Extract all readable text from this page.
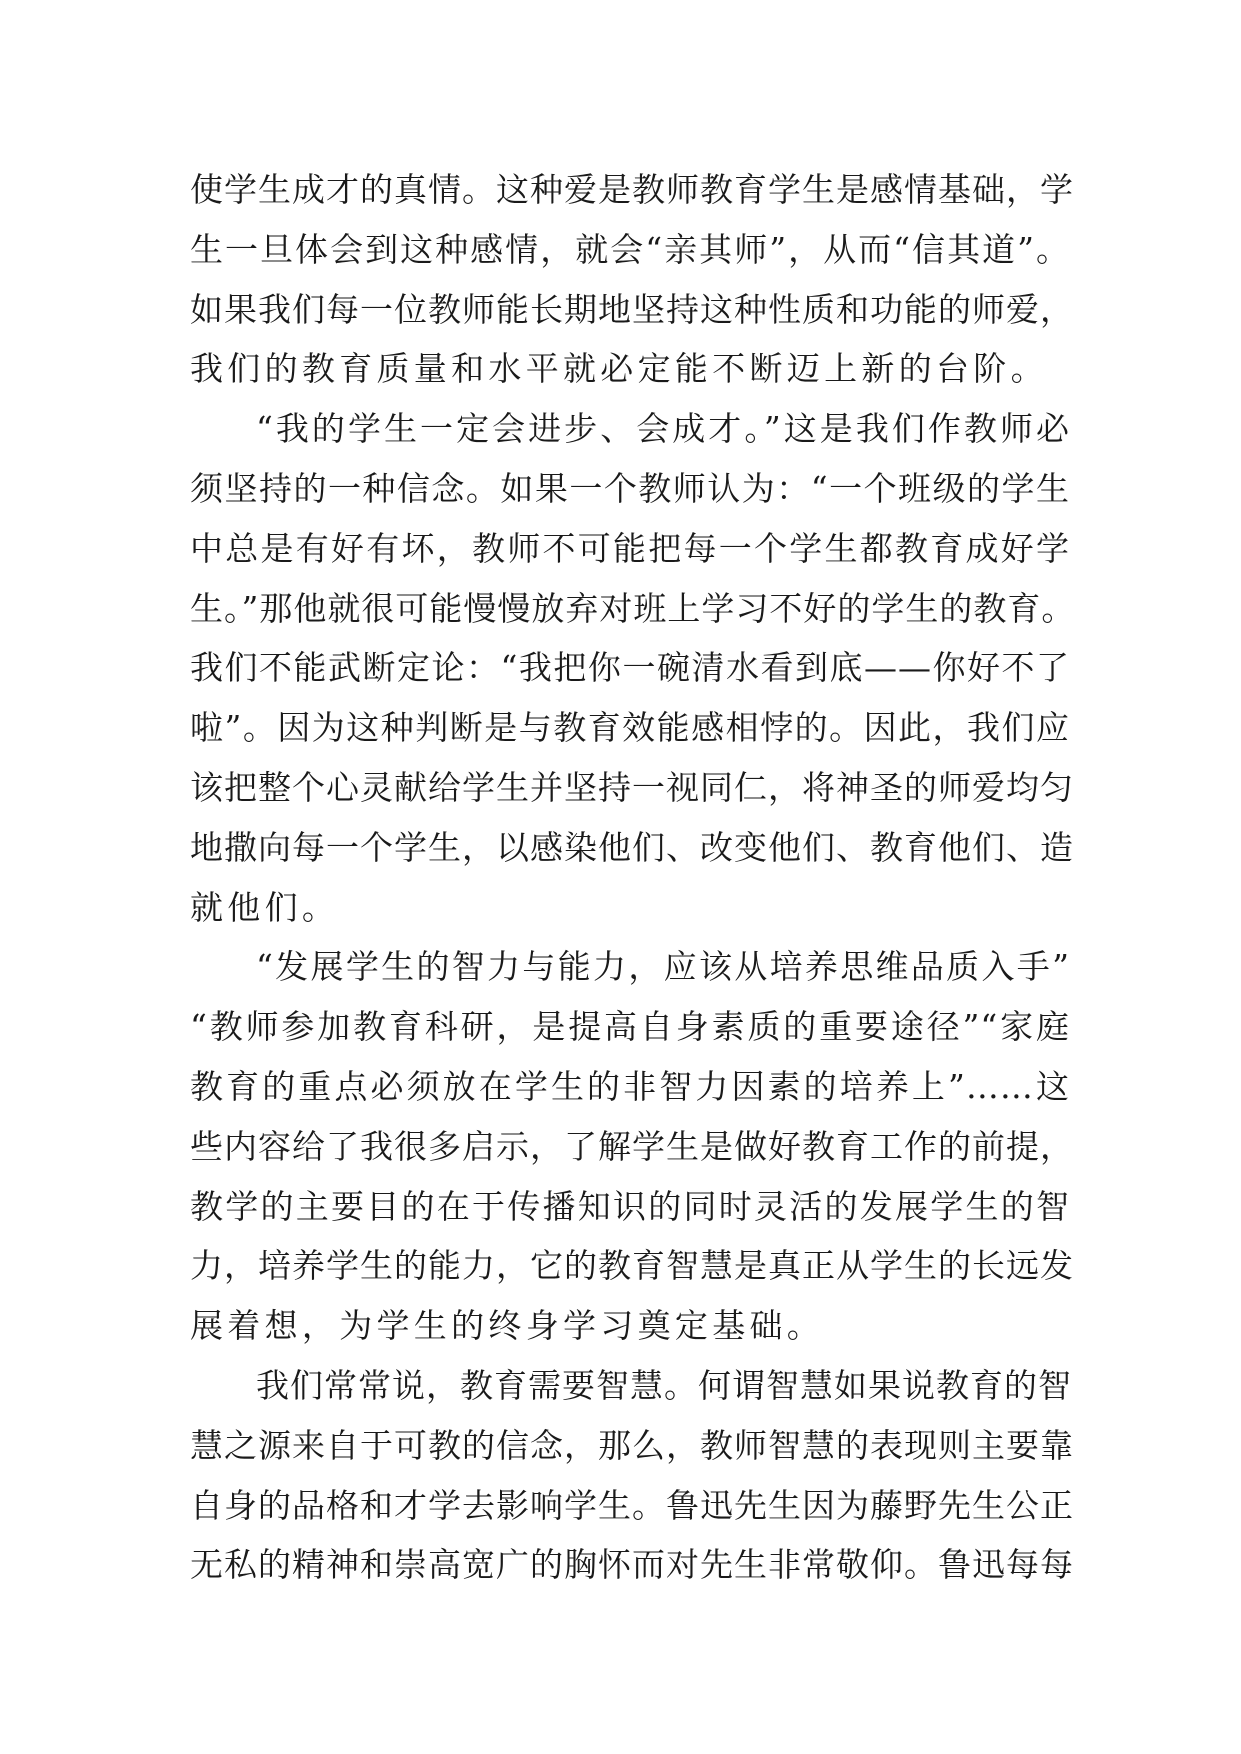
使学生成才的真情。这种爱是教师教育学生是感情基础，学
生一旦体会到这种感情，就会“亲其师”，从而“信其道”。
如果我们每一位教师能长期地坚持这种性质和功能的师爱，
我们的教育质量和水平就必定能不断迈上新的台阶。
“我的学生一定会进步、会成才。”这是我们作教师必
须坚持的一种信念。如果一个教师认为：“一个班级的学生
中总是有好有坏，教师不可能把每一个学生都教育成好学
生。”那他就很可能慢慢放弃对班上学习不好的学生的教育。
我们不能武断定论：“我把你一碗清水看到底——你好不了
啦”。因为这种判断是与教育效能感相悖的。因此，我们应
该把整个心灵献给学生并坚持一视同仁，将神圣的师爱均匀
地撒向每一个学生，以感染他们、改变他们、教育他们、造
就他们。
“发展学生的智力与能力，应该从培养思维品质入手”
“教师参加教育科研，是提高自身素质的重要途径”“家庭
教育的重点必须放在学生的非智力因素的培养上”……这
些内容给了我很多启示，了解学生是做好教育工作的前提，
教学的主要目的在于传播知识的同时灵活的发展学生的智
力，培养学生的能力，它的教育智慧是真正从学生的长远发
展着想，为学生的终身学习奠定基础。
我们常常说，教育需要智慧。何谓智慧如果说教育的智
慧之源来自于可教的信念，那么，教师智慧的表现则主要靠
自身的品格和才学去影响学生。鲁迅先生因为藤野先生公正
无私的精神和崇高宽广的胸怀而对先生非常敬仰。鲁迅每每
